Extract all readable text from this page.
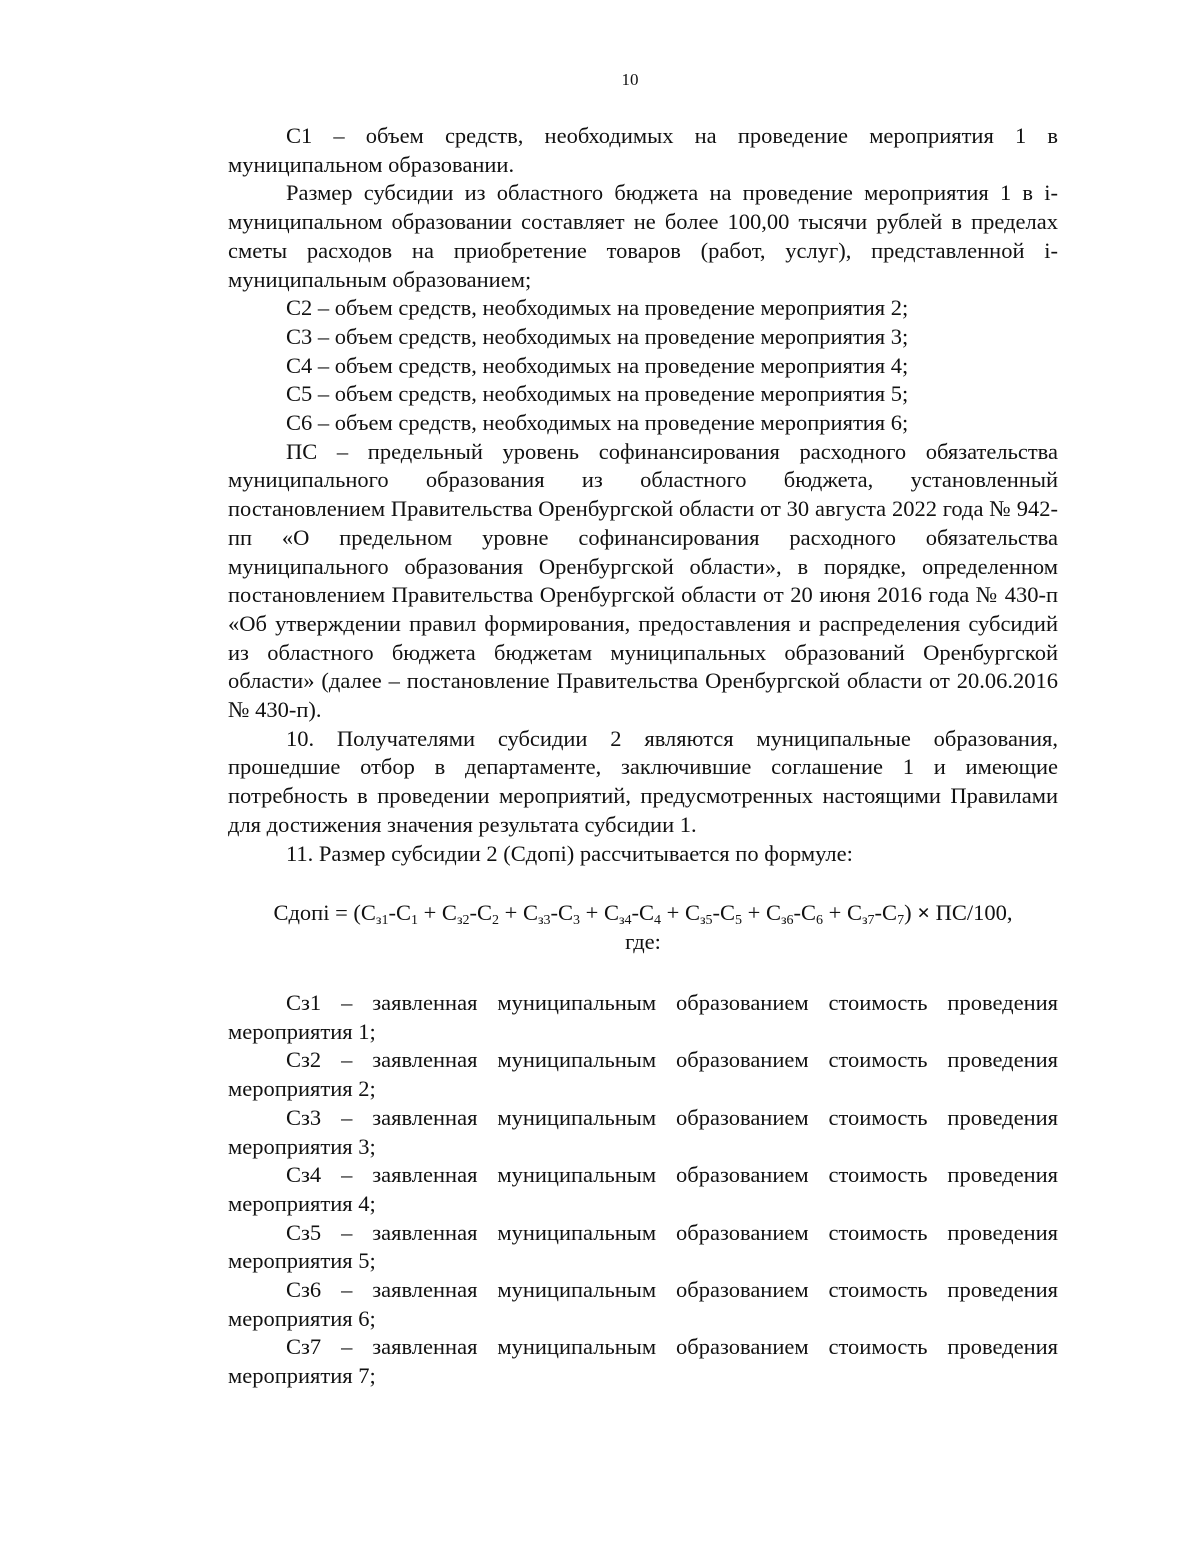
10

С1 – объем средств, необходимых на проведение мероприятия 1 в муниципальном образовании.

Размер субсидии из областного бюджета на проведение мероприятия 1 в i-муниципальном образовании составляет не более 100,00 тысячи рублей в пределах сметы расходов на приобретение товаров (работ, услуг), представленной i-муниципальным образованием;

С2 – объем средств, необходимых на проведение мероприятия 2;

С3 – объем средств, необходимых на проведение мероприятия 3;

С4 – объем средств, необходимых на проведение мероприятия 4;

С5 – объем средств, необходимых на проведение мероприятия 5;

С6 – объем средств, необходимых на проведение мероприятия 6;

ПС – предельный уровень софинансирования расходного обязательства муниципального образования из областного бюджета, установленный постановлением Правительства Оренбургской области от 30 августа 2022 года № 942-пп «О предельном уровне софинансирования расходного обязательства муниципального образования Оренбургской области», в порядке, определенном постановлением Правительства Оренбургской области от 20 июня 2016 года № 430-п «Об утверждении правил формирования, предоставления и распределения субсидий из областного бюджета бюджетам муниципальных образований Оренбургской области» (далее – постановление Правительства Оренбургской области от 20.06.2016 № 430-п).

10. Получателями субсидии 2 являются муниципальные образования, прошедшие отбор в департаменте, заключившие соглашение 1 и имеющие потребность в проведении мероприятий, предусмотренных настоящими Правилами для достижения значения результата субсидии 1.

11. Размер субсидии 2 (Сдопi) рассчитывается по формуле:

Сдопi = $(С_{з1}-С_1 + С_{з2}-С_2 + С_{з3}-С_3 + С_{з4}-С_4 + С_{з5}-С_5 + С_{з6}-С_6 + С_{з7}-С_7) \times ПС/100$,
где:
Сз1 – заявленная муниципальным образованием стоимость проведения
мероприятия 1;
Сз2 – заявленная муниципальным образованием стоимость проведения
мероприятия 2;
Сз3 – заявленная муниципальным образованием стоимость проведения
мероприятия 3;
Сз4 – заявленная муниципальным образованием стоимость проведения
мероприятия 4;
Сз5 – заявленная муниципальным образованием стоимость проведения
мероприятия 5;
Сз6 – заявленная муниципальным образованием стоимость проведения
мероприятия 6;
Сз7 – заявленная муниципальным образованием стоимость проведения
мероприятия 7;
